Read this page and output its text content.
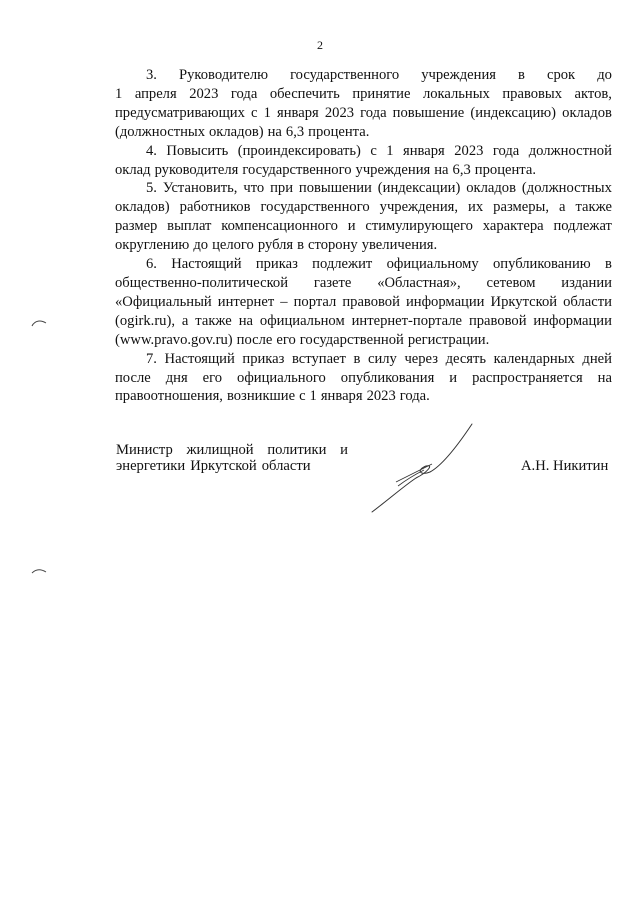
2
3. Руководителю государственного учреждения в срок до
1 апреля 2023 года обеспечить принятие локальных правовых актов,
предусматривающих с 1 января 2023 года повышение (индексацию) окладов
(должностных окладов) на 6,3 процента.
4. Повысить (проиндексировать) с 1 января 2023 года должностной
оклад руководителя государственного учреждения на 6,3 процента.
5. Установить, что при повышении (индексации) окладов (должностных
окладов) работников государственного учреждения, их размеры, а также
размер выплат компенсационного и стимулирующего характера подлежат
округлению до целого рубля в сторону увеличения.
6. Настоящий приказ подлежит официальному опубликованию в
общественно-политической газете «Областная», сетевом издании
«Официальный интернет – портал правовой информации Иркутской области
(ogirk.ru), а также на официальном интернет-портале правовой информации
(www.pravo.gov.ru) после его государственной регистрации.
7. Настоящий приказ вступает в силу через десять календарных дней
после дня его официального опубликования и распространяется на
правоотношения, возникшие с 1 января 2023 года.
Министр жилищной политики и
энергетики Иркутской области	А.Н. Никитин
